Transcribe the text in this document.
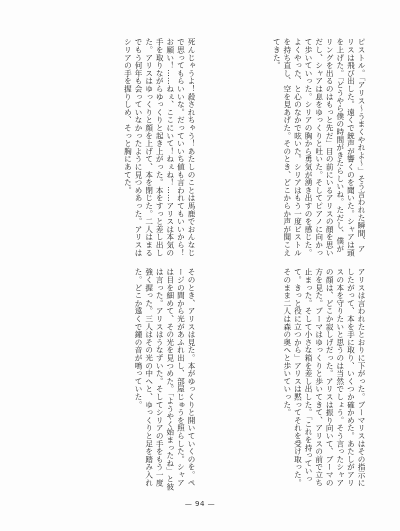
ピストル。「アリス〜うまくやれよ〜」そう言われた瞬間、アリスは飛び出した。遠くで銃声が響くのを聞いた。シャアは頭を上げた。「どうやら僕の時間がきたらしいね。ただし、僕がリングを出るのはもっと先だ」目の前にいるアリスの顔を思いだし、シャアは息をゆっくりと吐いた。そしてピアノに向かって歩いていった。シリアの胸から勇気が湧き出すのを感じた。よくやった、と心のなかで呟いた。シリアはもう一度ピストルを持ち直し、空を見あげた。そのとき、どこからか声が聞こえてきた。

死んじゃうよ！殺されちゃう！あたしのことは馬鹿でおんなじで思ってもらいいな。だっていいち値も言われてもいいから！お願い！……ねぇ、ここにいて！ねぇね！……アリスは本気の手を取りながらゆっくりと起き上がった。本をすっと差し出した。アリスはゆっくりと顔を上げて、本を閉じた。二人はまるでもう何年も会っていなかったように見つめあった。アリスはシリアの手を握りしめ、そっと胸にあてた。

アリスは言われたとおりに下がった。ブーマリスはその指示にしたがって、本を手に取り、いくつか確かめた。あたしがアリスの本を守りたいと思うのは当然でしょう。そう言ったシャアの顔は、どこか寂しげだった。アリスは振り向いて、ブーマの方を見た。ブーマはゆっくりと歩いてきて、アリスの前で立ち止まった。そして小さな箱を差し出した。「これを持っていって。きっと役に立つから」アリスは黙ってそれを受け取った。そのまま二人は森の奥へと歩いていった。

そのとき、アリスは見た。本がゆっくりと開いていくのを。ページの間から光があふれ出し、部屋じゅうを照らした。シャアは目を細めて、その光を見つめた。「ようやく始まったね」と彼は言った。アリスはうなずいた。そしてシリアの手をもう一度強く握った。三人はその光の中へと、ゆっくりと足を踏み入れた。どこか遠くで鐘の音が鳴っていた。

— 94 —
